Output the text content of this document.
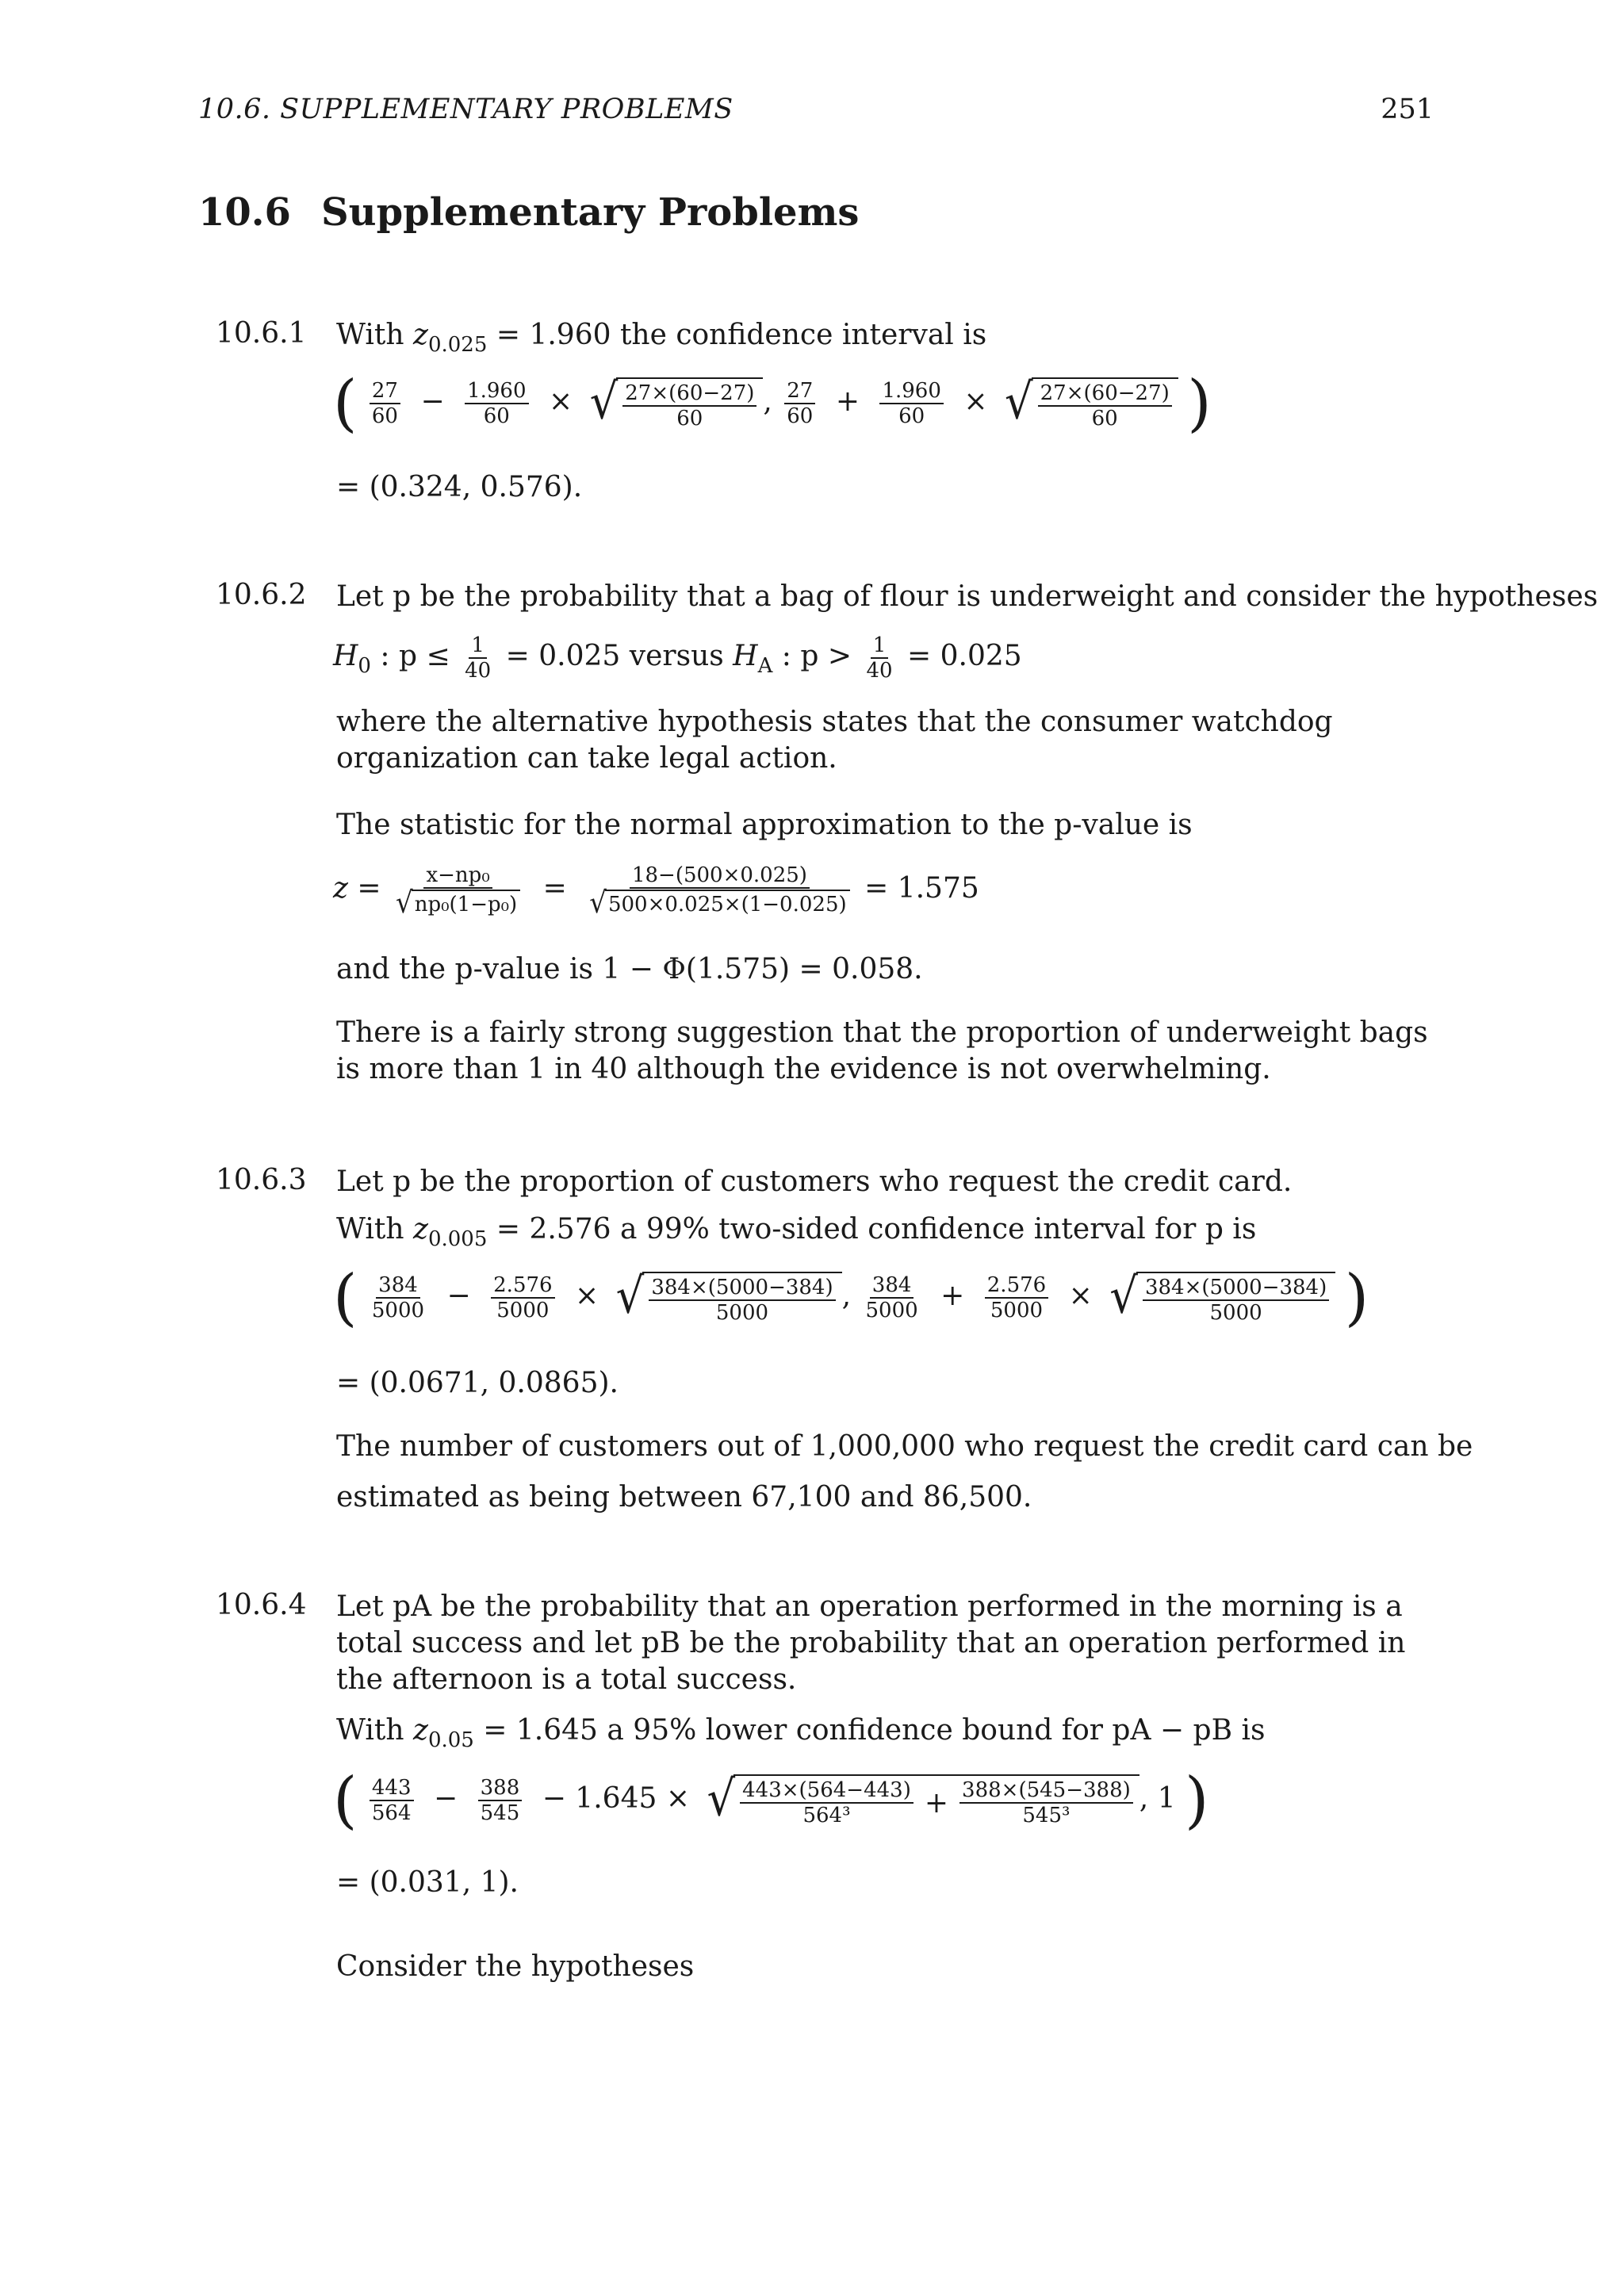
10.6. SUPPLEMENTARY PROBLEMS	251
10.6 Supplementary Problems
10.6.1 With $z_{0.025} = 1.960$ the confidence interval is
( $\frac{27}{60} - \frac{1.960}{60}$ × √ $\frac{27\times(60-27)}{60}$ , $\frac{27}{60} + \frac{1.960}{60}$ × √ $\frac{27\times(60-27)}{60}$ )
= (0.324, 0.576).
10.6.2 Let p be the probability that a bag of flour is underweight and consider the hypotheses
$H_0$ : $p \le \frac{1}{40} = 0.025$ versus $H_A$ : $p > \frac{1}{40} = 0.025$
where the alternative hypothesis states that the consumer watchdog organization can take legal action.
The statistic for the normal approximation to the p-value is
$z = \frac{\text{x−np₀}}{\text{√ np₀(1−p₀)}} = \frac{18-(500\times 0.025)}{√ 500\times 0.025\times(1-0.025)} = 1.575$
and the p-value is 1 − Φ(1.575) = 0.058.
There is a fairly strong suggestion that the proportion of underweight bags is more than 1 in 40 although the evidence is not overwhelming.
10.6.3 Let p be the proportion of customers who request the credit card.
With $z_{0.005} = 2.576$ a 99% two-sided confidence interval for p is
( $\frac{384}{5000} - \frac{2.576}{5000}$ × √ $\frac{384\times(5000-384)}{5000}$ , $\frac{384}{5000} + \frac{2.576}{5000}$ × √ $\frac{384\times(5000-384)}{5000}$ )
= (0.0671, 0.0865).
The number of customers out of 1,000,000 who request the credit card can be
estimated as being between 67,100 and 86,500.
10.6.4 Let pA be the probability that an operation performed in the morning is a total success and let pB be the probability that an operation performed in the afternoon is a total success.
With $z_{0.05} = 1.645$ a 95% lower confidence bound for pA − pB is
( $\frac{443}{564} - \frac{388}{545} - 1.645$ × √ $\frac{443\times(564-443)}{\text{564³}} + \frac{388\times(545-388)}{\text{545³}}$ , 1 )
= (0.031, 1).
Consider the hypotheses
